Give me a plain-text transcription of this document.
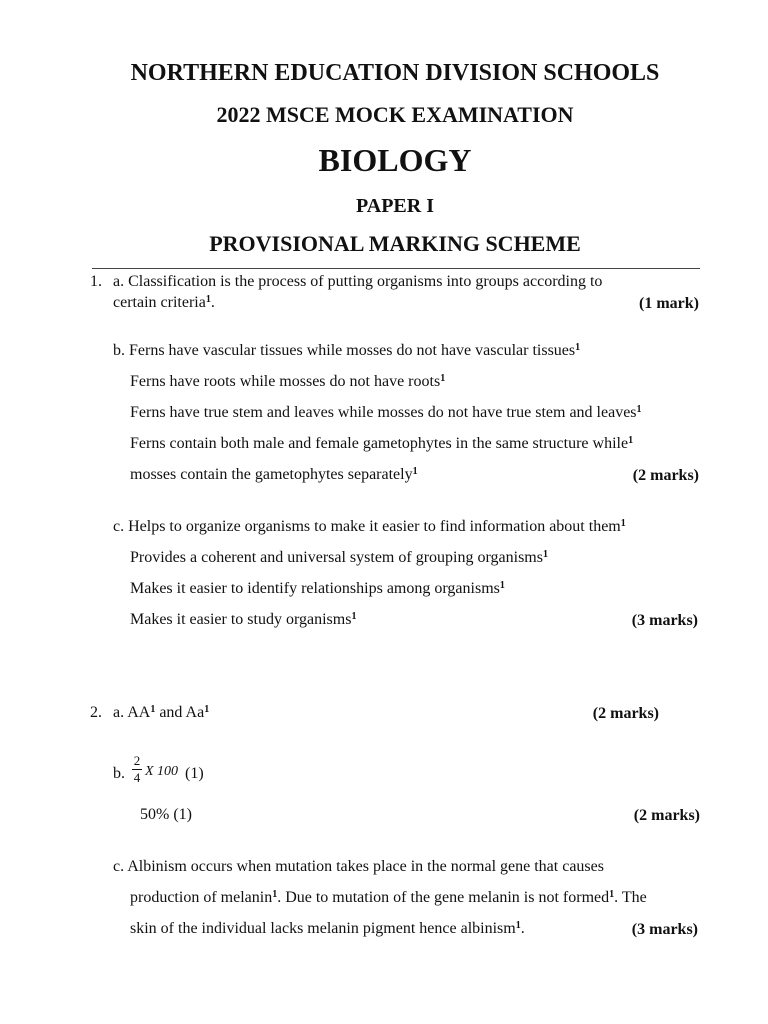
NORTHERN EDUCATION DIVISION SCHOOLS
2022 MSCE MOCK EXAMINATION
BIOLOGY
PAPER I
PROVISIONAL MARKING SCHEME
1. a. Classification is the process of putting organisms into groups according to
certain criteria$^1$.	(1 mark)
b. Ferns have vascular tissues while mosses do not have vascular tissues$^1$
Ferns have roots while mosses do not have roots$^1$
Ferns have true stem and leaves while mosses do not have true stem and leaves$^1$
Ferns contain both male and female gametophytes in the same structure while$^1$
mosses contain the gametophytes separately$^1$	(2 marks)
c. Helps to organize organisms to make it easier to find information about them$^1$
Provides a coherent and universal system of grouping organisms$^1$
Makes it easier to identify relationships among organisms$^1$
Makes it easier to study organisms$^1$	(3 marks)
2. a. $AA^1$ and Aa$^1$	(2 marks)
b.
2
4 X 100 (1)
50% (1)	(2 marks)
c. Albinism occurs when mutation takes place in the normal gene that causes
production of melanin$^1$. Due to mutation of the gene melanin is not formed$^1$. The
skin of the individual lacks melanin pigment hence albinism$^1$.	(3 marks)
